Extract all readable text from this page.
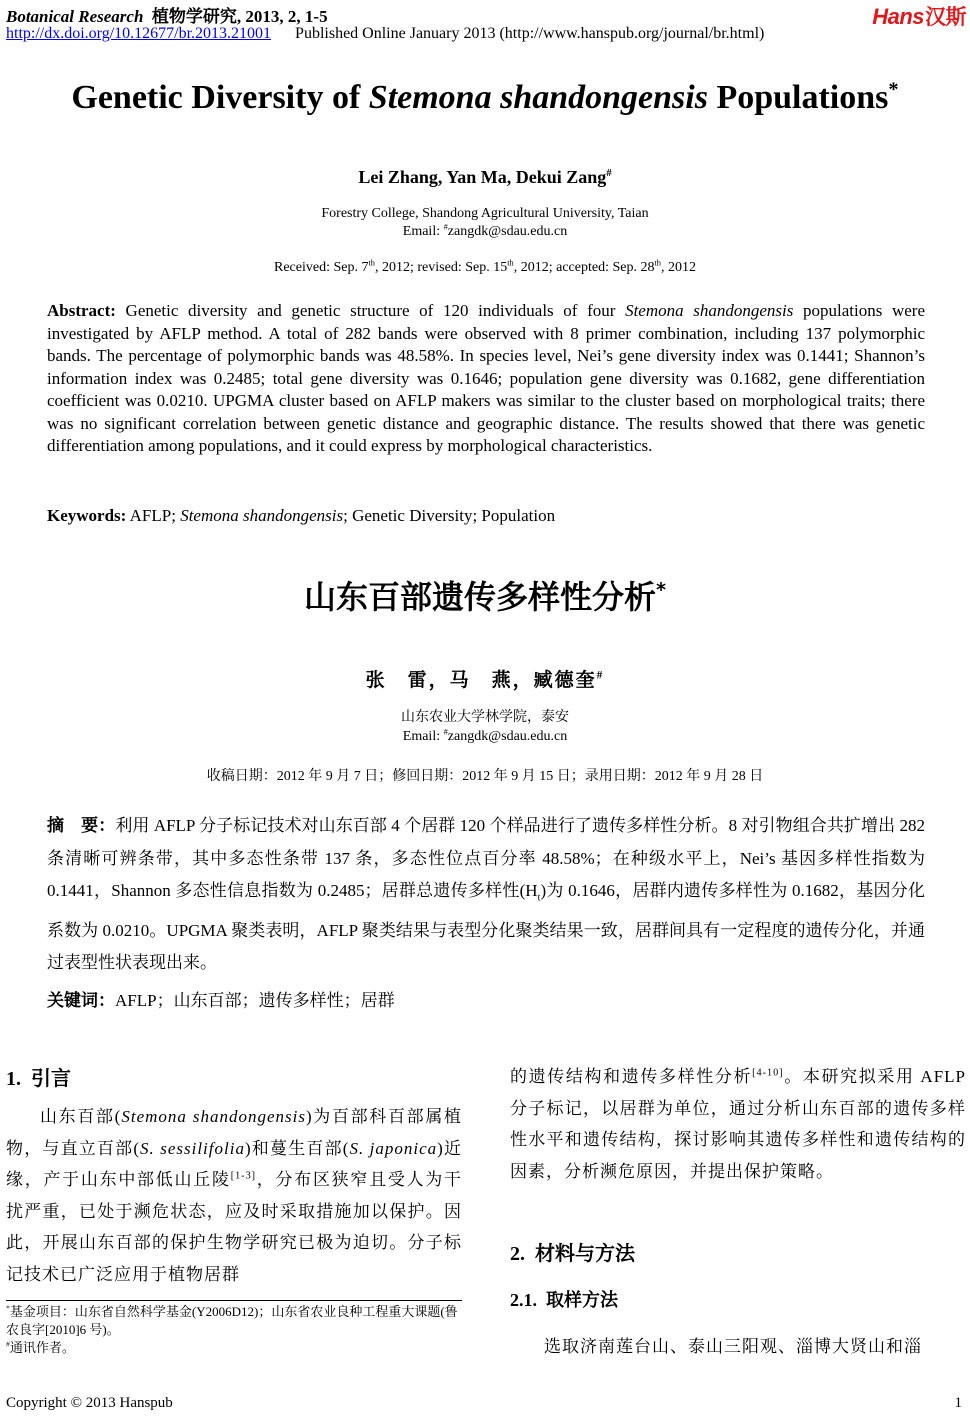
Botanical Research 植物学研究, 2013, 2, 1-5
http://dx.doi.org/10.12677/br.2013.21001 Published Online January 2013 (http://www.hanspub.org/journal/br.html)
Hans汉斯
Genetic Diversity of Stemona shandongensis Populations*
Lei Zhang, Yan Ma, Dekui Zang#
Forestry College, Shandong Agricultural University, Taian
Email: #zangdk@sdau.edu.cn
Received: Sep. 7th, 2012; revised: Sep. 15th, 2012; accepted: Sep. 28th, 2012
Abstract: Genetic diversity and genetic structure of 120 individuals of four Stemona shandongensis populations were investigated by AFLP method. A total of 282 bands were observed with 8 primer combination, including 137 polymorphic bands. The percentage of polymorphic bands was 48.58%. In species level, Nei’s gene diversity index was 0.1441; Shannon’s information index was 0.2485; total gene diversity was 0.1646; population gene diversity was 0.1682, gene differentiation coefficient was 0.0210. UPGMA cluster based on AFLP makers was similar to the cluster based on morphological traits; there was no significant correlation between genetic distance and geographic distance. The results showed that there was genetic differentiation among populations, and it could express by morphological characteristics.
Keywords: AFLP; Stemona shandongensis; Genetic Diversity; Population
山东百部遗传多样性分析*
张　雷，马　燕，臧德奎#
山东农业大学林学院，泰安
Email: #zangdk@sdau.edu.cn
收稿日期：2012 年 9 月 7 日；修回日期：2012 年 9 月 15 日；录用日期：2012 年 9 月 28 日
摘　要：利用 AFLP 分子标记技术对山东百部 4 个居群 120 个样品进行了遗传多样性分析。8 对引物组合共扩增出 282 条清晰可辨条带，其中多态性条带 137 条，多态性位点百分率 48.58%；在种级水平上，Nei’s 基因多样性指数为 0.1441，Shannon 多态性信息指数为 0.2485；居群总遗传多样性$(H_t)$为 0.1646，居群内遗传多样性为 0.1682，基因分化系数为 0.0210。UPGMA 聚类表明，AFLP 聚类结果与表型分化聚类结果一致，居群间具有一定程度的遗传分化，并通过表型性状表现出来。
关键词：AFLP；山东百部；遗传多样性；居群
1. 引言
山东百部(Stemona shandongensis)为百部科百部属植物，与直立百部(S. sessilifolia)和蔓生百部(S. japonica)近缘，产于山东中部低山丘陵[1-3]，分布区狭窄且受人为干扰严重，已处于濒危状态，应及时采取措施加以保护。因此，开展山东百部的保护生物学研究已极为迫切。分子标记技术已广泛应用于植物居群
*基金项目：山东省自然科学基金(Y2006D12)；山东省农业良种工程重大课题(鲁农良字[2010]6 号)。
#通讯作者。
的遗传结构和遗传多样性分析[4-10]。本研究拟采用 AFLP 分子标记，以居群为单位，通过分析山东百部的遗传多样性水平和遗传结构，探讨影响其遗传多样性和遗传结构的因素，分析濒危原因，并提出保护策略。
2. 材料与方法
2.1. 取样方法
选取济南莲台山、泰山三阳观、淄博大贤山和淄
Copyright © 2013 Hanspub	1
